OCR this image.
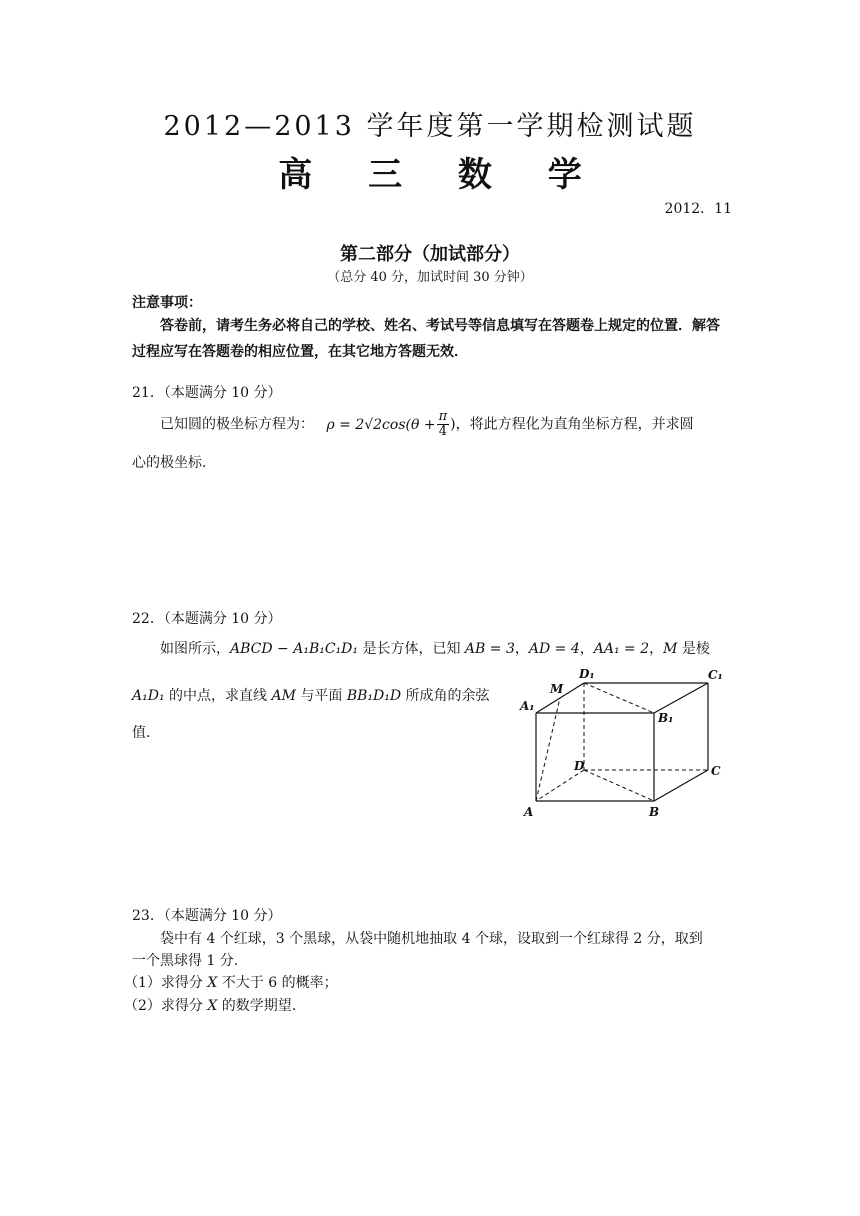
2012—2013 学年度第一学期检测试题
高 三 数 学
2012．11
第二部分（加试部分）
（总分 40 分，加试时间 30 分钟）
注意事项：
答卷前，请考生务必将自己的学校、姓名、考试号等信息填写在答题卷上规定的位置．解答过程应写在答题卷的相应位置，在其它地方答题无效．
21．（本题满分 10 分）
已知圆的极坐标方程为： $\rho = 2√2\cos(\theta + \frac{\pi}{4}$ )，将此方程化为直角坐标方程，并求圆
心的极坐标.
22．（本题满分 10 分）
如图所示，ABCD − A₁B₁C₁D₁ 是长方体，已知 AB = 3，AD = 4，AA₁ = 2，M 是棱
A₁D₁ 的中点，求直线 AM 与平面 BB₁D₁D 所成角的余弦
值.
A	B
C
D
A₁
B₁
C₁
D₁
M
23．（本题满分 10 分）
袋中有 4 个红球，3 个黑球，从袋中随机地抽取 4 个球，设取到一个红球得 2 分，取到
一个黑球得 1 分.
（1）求得分 X 不大于 6 的概率；
（2）求得分 X 的数学期望.
